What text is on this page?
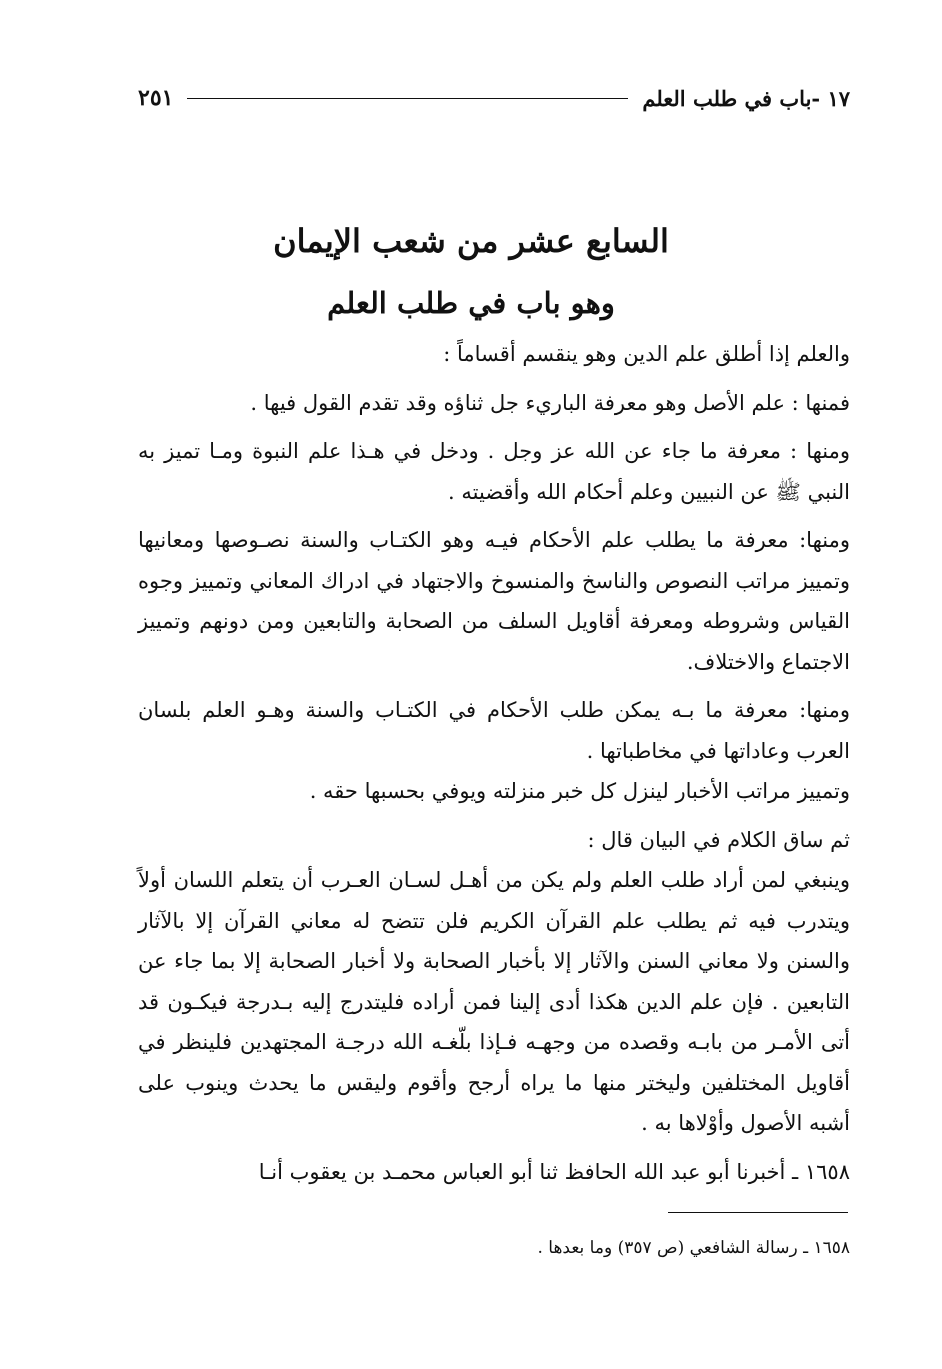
١٧ -باب في طلب العلم
٢٥١
السابع عشر من شعب الإيمان
وهو باب في طلب العلم

والعلم إذا أطلق علم الدين وهو ينقسم أقساماً :

فمنها : علم الأصل وهو معرفة الباريء جل ثناؤه وقد تقدم القول فيها .

ومنها : معرفة ما جاء عن الله عز وجل . ودخل في هـذا علم النبوة ومـا تميز به النبي ﷺ عن النبيين وعلم أحكام الله وأقضيته .

ومنها: معرفة ما يطلب علم الأحكام فيـه وهو الكتـاب والسنة نصـوصها ومعانيها وتمييز مراتب النصوص والناسخ والمنسوخ والاجتهاد في ادراك المعاني وتمييز وجوه القياس وشروطه ومعرفة أقاويل السلف من الصحابة والتابعين ومن دونهم وتمييز الاجتماع والاختلاف.

ومنها: معرفة ما بـه يمكن طلب الأحكام في الكتـاب والسنة وهـو العلم بلسان العرب وعاداتها في مخاطباتها .

وتمييز مراتب الأخبار لينزل كل خبر منزلته ويوفي بحسبها حقه .

ثم ساق الكلام في البيان قال :

وينبغي لمن أراد طلب العلم ولم يكن من أهـل لسـان العـرب أن يتعلم اللسان أولاً ويتدرب فيه ثم يطلب علم القرآن الكريم فلن تتضح له معاني القرآن إلا بالآثار والسنن ولا معاني السنن والآثار إلا بأخبار الصحابة ولا أخبار الصحابة إلا بما جاء عن التابعين . فإن علم الدين هكذا أدى إلينا فمن أراده فليتدرج إليه بـدرجة فيكـون قد أتى الأمـر من بابـه وقصده من وجهـه فـإذا بلّغـه الله درجـة المجتهدين فلينظر في أقاويل المختلفين وليختر منها ما يراه أرجح وأقوم وليقس ما يحدث وينوب على أشبه الأصول وأوْلاها به .

١٦٥٨ ـ أخبرنا أبو عبد الله الحافظ ثنا أبو العباس محمـد بن يعقوب أنـا

١٦٥٨ ـ رسالة الشافعي (ص ٣٥٧) وما بعدها .
